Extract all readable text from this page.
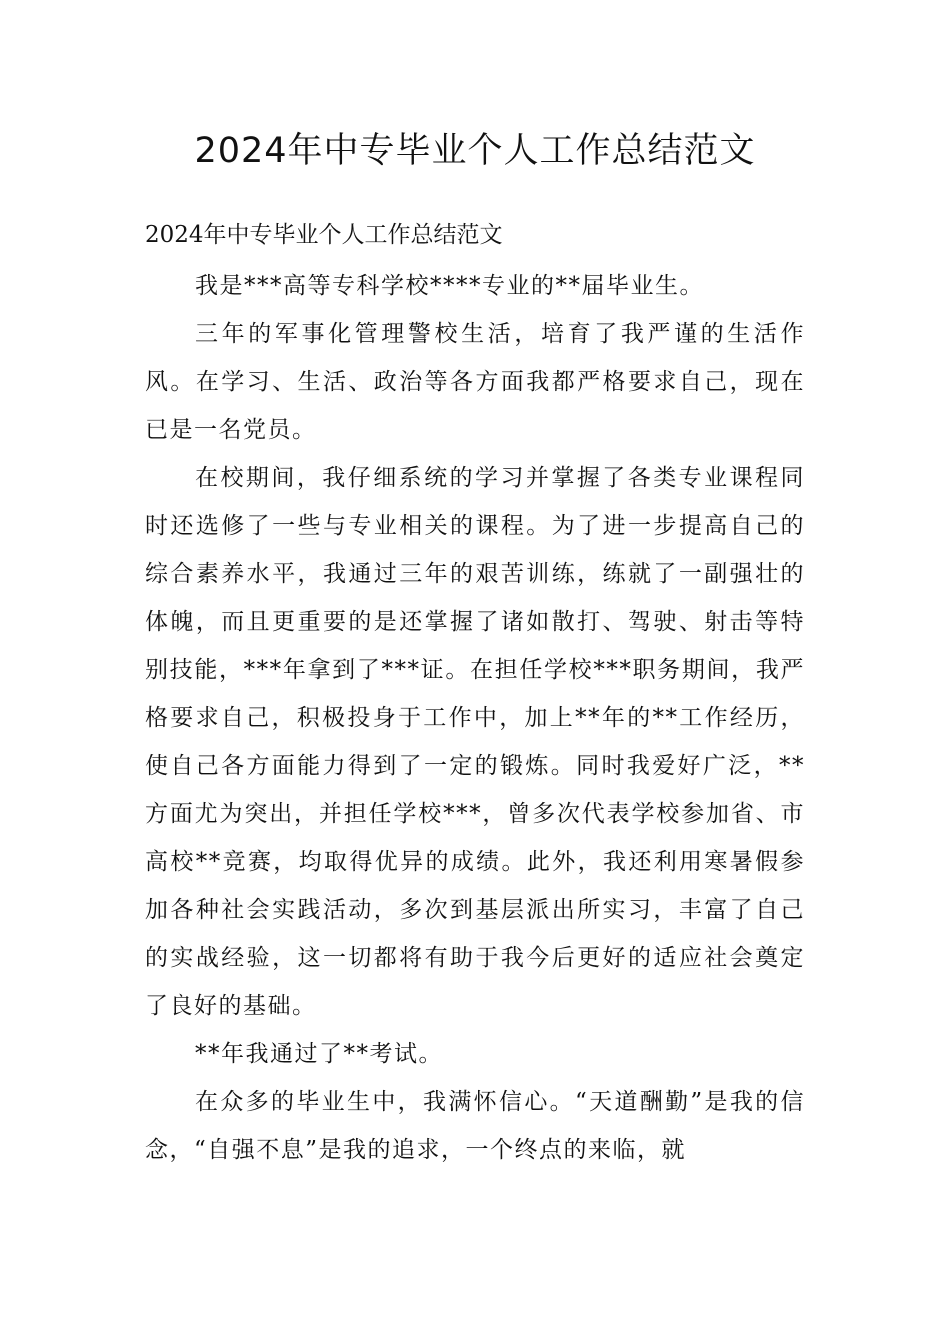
2024年中专毕业个人工作总结范文
2024年中专毕业个人工作总结范文

我是***高等专科学校****专业的**届毕业生。

三年的军事化管理警校生活，培育了我严谨的生活作风。在学习、生活、政治等各方面我都严格要求自己，现在已是一名党员。

在校期间，我仔细系统的学习并掌握了各类专业课程同时还选修了一些与专业相关的课程。为了进一步提高自己的综合素养水平，我通过三年的艰苦训练，练就了一副强壮的体魄，而且更重要的是还掌握了诸如散打、驾驶、射击等特别技能，***年拿到了***证。在担任学校***职务期间，我严格要求自己，积极投身于工作中，加上**年的**工作经历，使自己各方面能力得到了一定的锻炼。同时我爱好广泛，**方面尤为突出，并担任学校***，曾多次代表学校参加省、市高校**竞赛，均取得优异的成绩。此外，我还利用寒暑假参加各种社会实践活动，多次到基层派出所实习，丰富了自己的实战经验，这一切都将有助于我今后更好的适应社会奠定了良好的基础。

**年我通过了**考试。

在众多的毕业生中，我满怀信心。“天道酬勤”是我的信念，“自强不息”是我的追求，一个终点的来临，就
